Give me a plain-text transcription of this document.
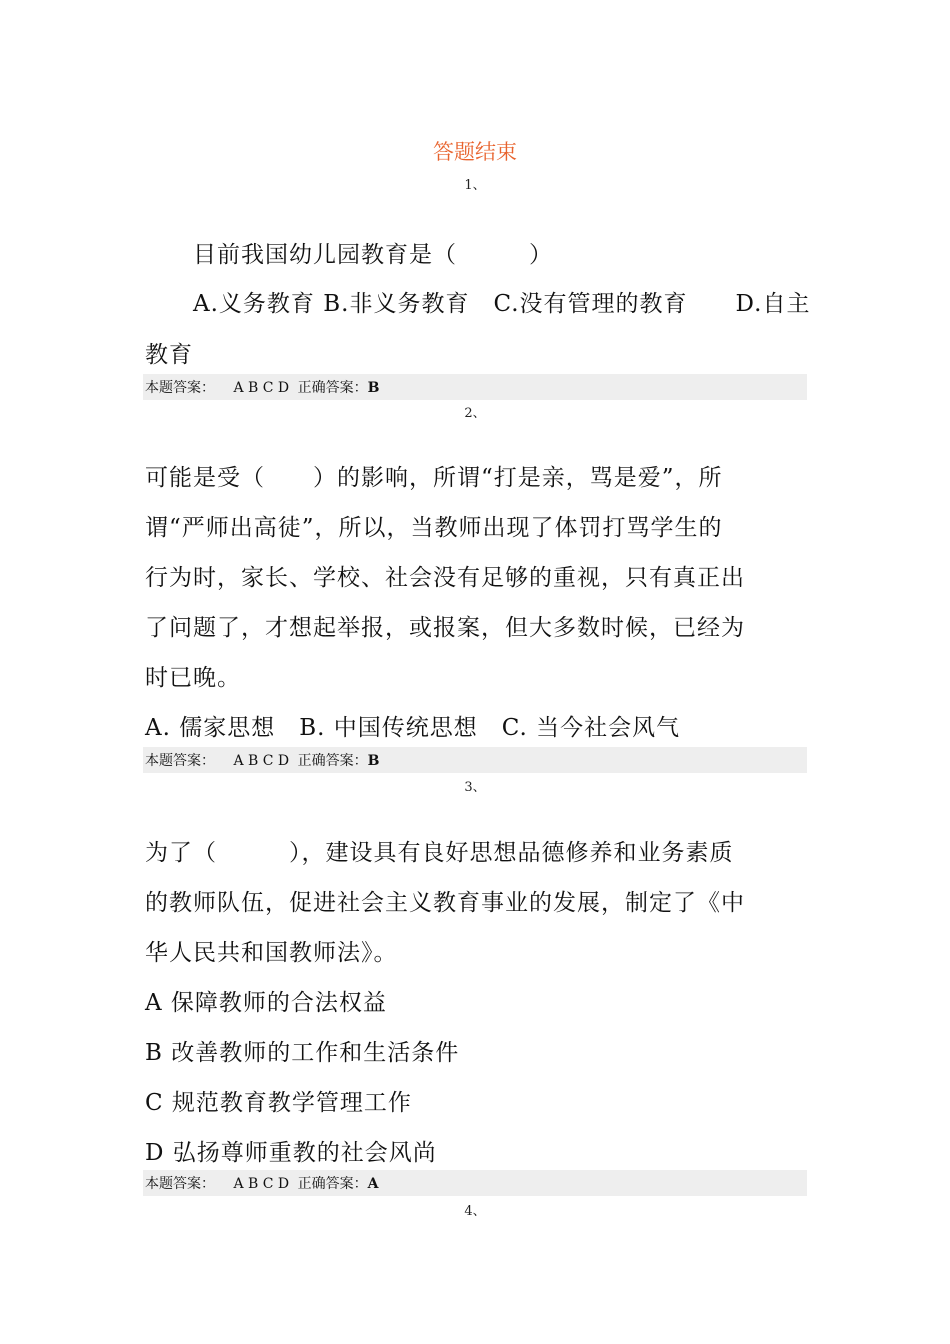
答题结束
1、
目前我国幼儿园教育是（　　　）
A.义务教育 B.非义务教育　C.没有管理的教育　　D.自主
教育
本题答案： A B C D 正确答案：B
2、
可能是受（　　）的影响，所谓“打是亲，骂是爱”，所
谓“严师出高徒”，所以，当教师出现了体罚打骂学生的
行为时，家长、学校、社会没有足够的重视，只有真正出
了问题了，才想起举报，或报案，但大多数时候，已经为
时已晚。
A. 儒家思想　B. 中国传统思想　C. 当今社会风气
本题答案： A B C D 正确答案：B
3、
为了（　　　），建设具有良好思想品德修养和业务素质
的教师队伍，促进社会主义教育事业的发展，制定了《中
华人民共和国教师法》。
A 保障教师的合法权益
B 改善教师的工作和生活条件
C 规范教育教学管理工作
D 弘扬尊师重教的社会风尚
本题答案： A B C D 正确答案：A
4、
